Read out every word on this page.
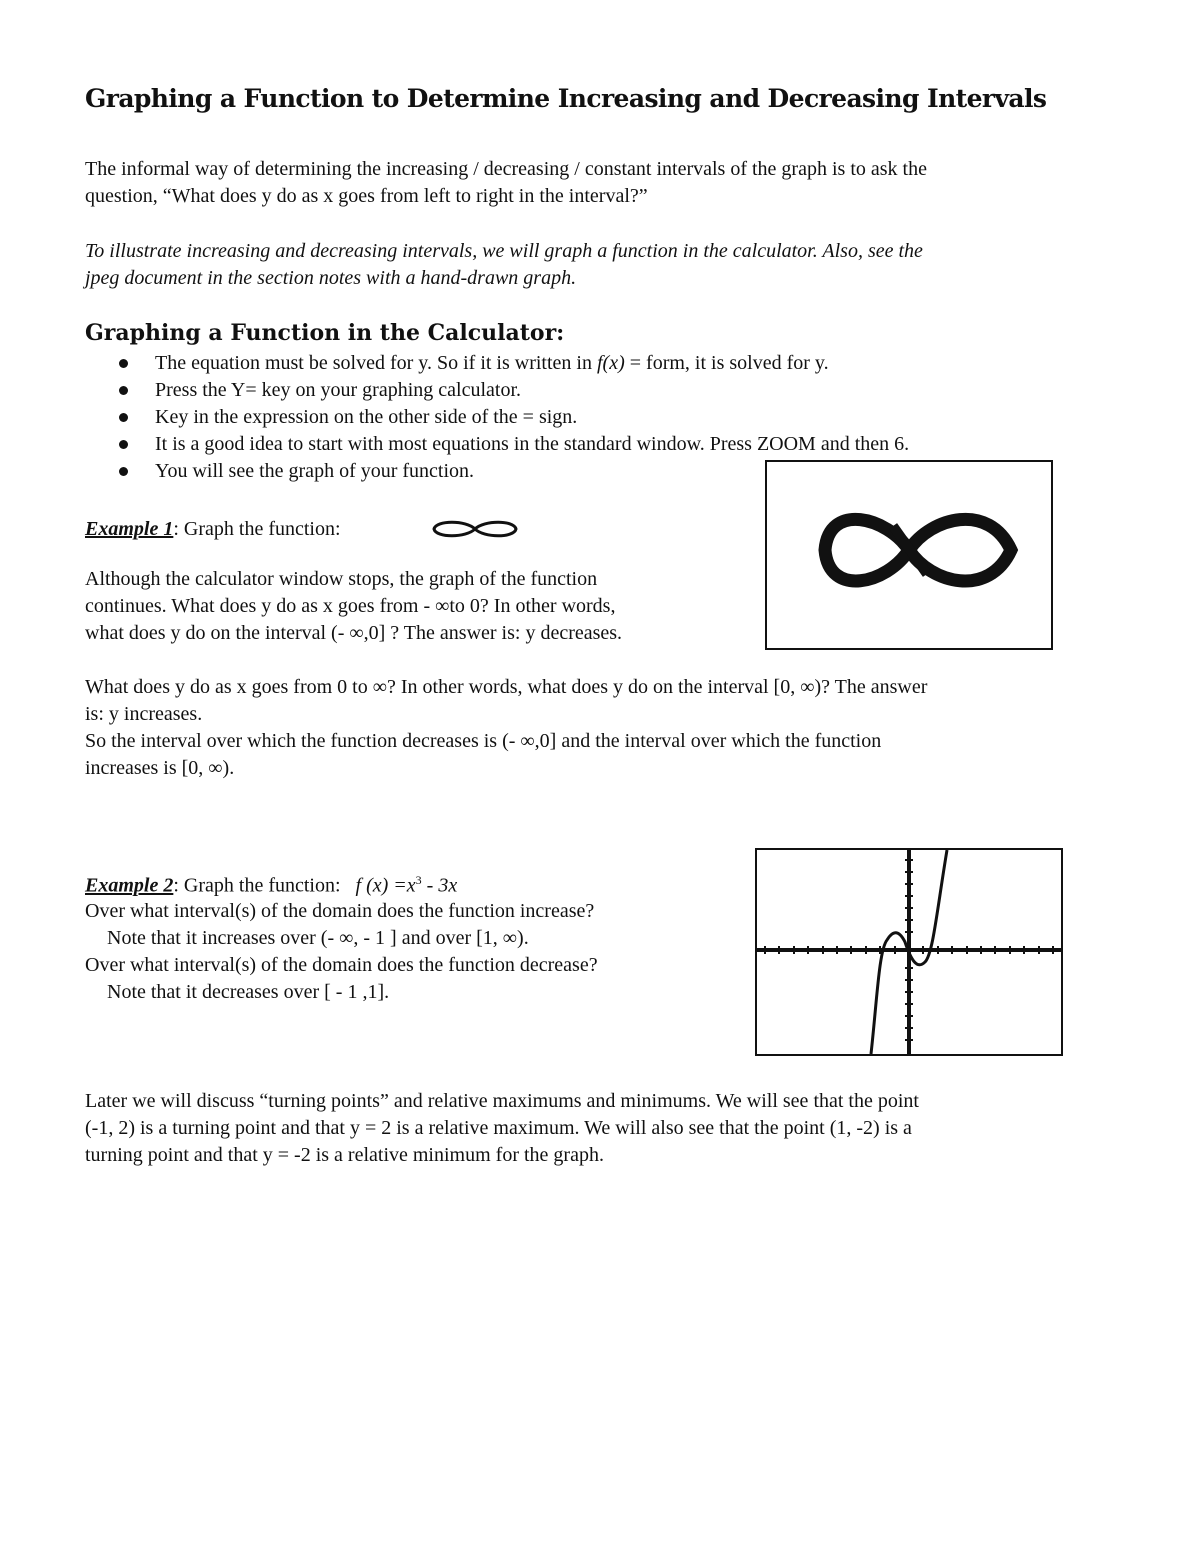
Graphing a Function to Determine Increasing and Decreasing Intervals
The informal way of determining the increasing / decreasing / constant intervals of the graph is to ask the
question, “What does y do as x goes from left to right in the interval?”
To illustrate increasing and decreasing intervals, we will graph a function in the calculator. Also, see the
jpeg document in the section notes with a hand-drawn graph.
Graphing a Function in the Calculator:
The equation must be solved for y. So if it is written in f(x) = form, it is solved for y.
Press the Y= key on your graphing calculator.
Key in the expression on the other side of the = sign.
It is a good idea to start with most equations in the standard window. Press ZOOM and then 6.
You will see the graph of your function.
Example 1: Graph the function:
Although the calculator window stops, the graph of the function
continues. What does y do as x goes from - ∞to 0? In other words,
what does y do on the interval (- ∞,0] ? The answer is: y decreases.
What does y do as x goes from 0 to ∞? In other words, what does y do on the interval [0, ∞)? The answer
is: y increases.
So the interval over which the function decreases is (- ∞,0] and the interval over which the function
increases is [0, ∞).
Example 2: Graph the function: f $(x) =x^3 - 3x$
Over what interval(s) of the domain does the function increase?
Note that it increases over (- ∞, - 1 ] and over [1, ∞).
Over what interval(s) of the domain does the function decrease?
Note that it decreases over [ - 1 ,1].
Later we will discuss “turning points” and relative maximums and minimums. We will see that the point
(-1, 2) is a turning point and that y = 2 is a relative maximum. We will also see that the point (1, -2) is a
turning point and that y = -2 is a relative minimum for the graph.
